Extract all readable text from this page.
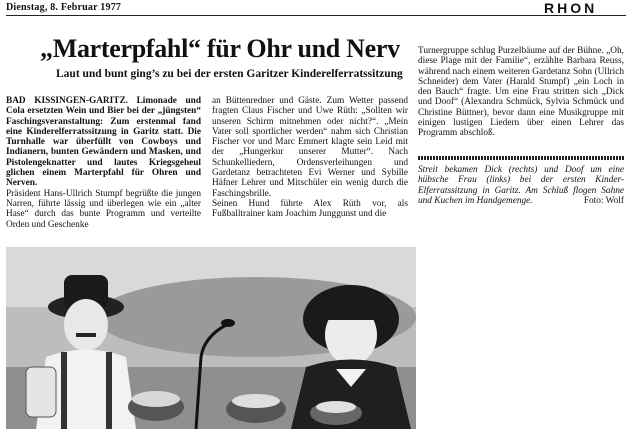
Dienstag, 8. Februar 1977	RHON
„Marterpfahl“ für Ohr und Nerv
Laut und bunt ging’s zu bei der ersten Garitzer Kinderelferratssitzung

BAD KISSINGEN-GARITZ. Limonade und Cola ersetzten Wein und Bier bei der „jüngsten“ Faschingsveranstaltung: Zum erstenmal fand eine Kinderelferratssitzung in Garitz statt. Die Turnhalle war überfüllt von Cowboys und Indianern, bunten Gewändern und Masken, und Pistolengeknatter und lautes Kriegsgeheul glichen einem Marterpfahl für Ohren und Nerven.

Präsident Hans-Ullrich Stumpf begrüßte die jungen Narren, führte lässig und überlegen wie ein „alter Hase“ durch das bunte Programm und verteilte Orden und Geschenke

an Büttenredner und Gäste. Zum Wetter passend fragten Claus Fischer und Uwe Rüth: „Sollten wir unseren Schirm mitnehmen oder nicht?“. „Mein Vater soll sportlicher werden“ nahm sich Christian Fischer vor und Marc Emmert klagte sein Leid mit der „Hungerkur unserer Mutter“. Nach Schunkelliedern, Ordensverleihungen und Gardetanz betrachteten Evi Werner und Sybille Häfner Lehrer und Mitschüler ein wenig durch die Faschingsbrille.

Seinen Hund führte Alex Rüth vor, als Fußballtrainer kam Joachim Junggunst und die

Turnergruppe schlug Purzelbäume auf der Bühne. „Oh, diese Plage mit der Familie“, erzählte Barbara Reuss, während nach einem weiteren Gardetanz Sohn (Ullrich Schneider) dem Vater (Harald Stumpf) „ein Loch in den Bauch“ fragte. Um eine Frau stritten sich „Dick und Doof“ (Alexandra Schmück, Sylvia Schmück und Christine Büttner), bevor dann eine Musikgruppe mit einigen lustigen Liedern über einen Lehrer das Programm abschloß.

Streit bekamen Dick (rechts) und Doof um eine hübsche Frau (links) bei der ersten Kinder-Elferratssitzung in Garitz. Am Schluß flogen Sahne und Kuchen im Handgemenge.	Foto: Wolf
